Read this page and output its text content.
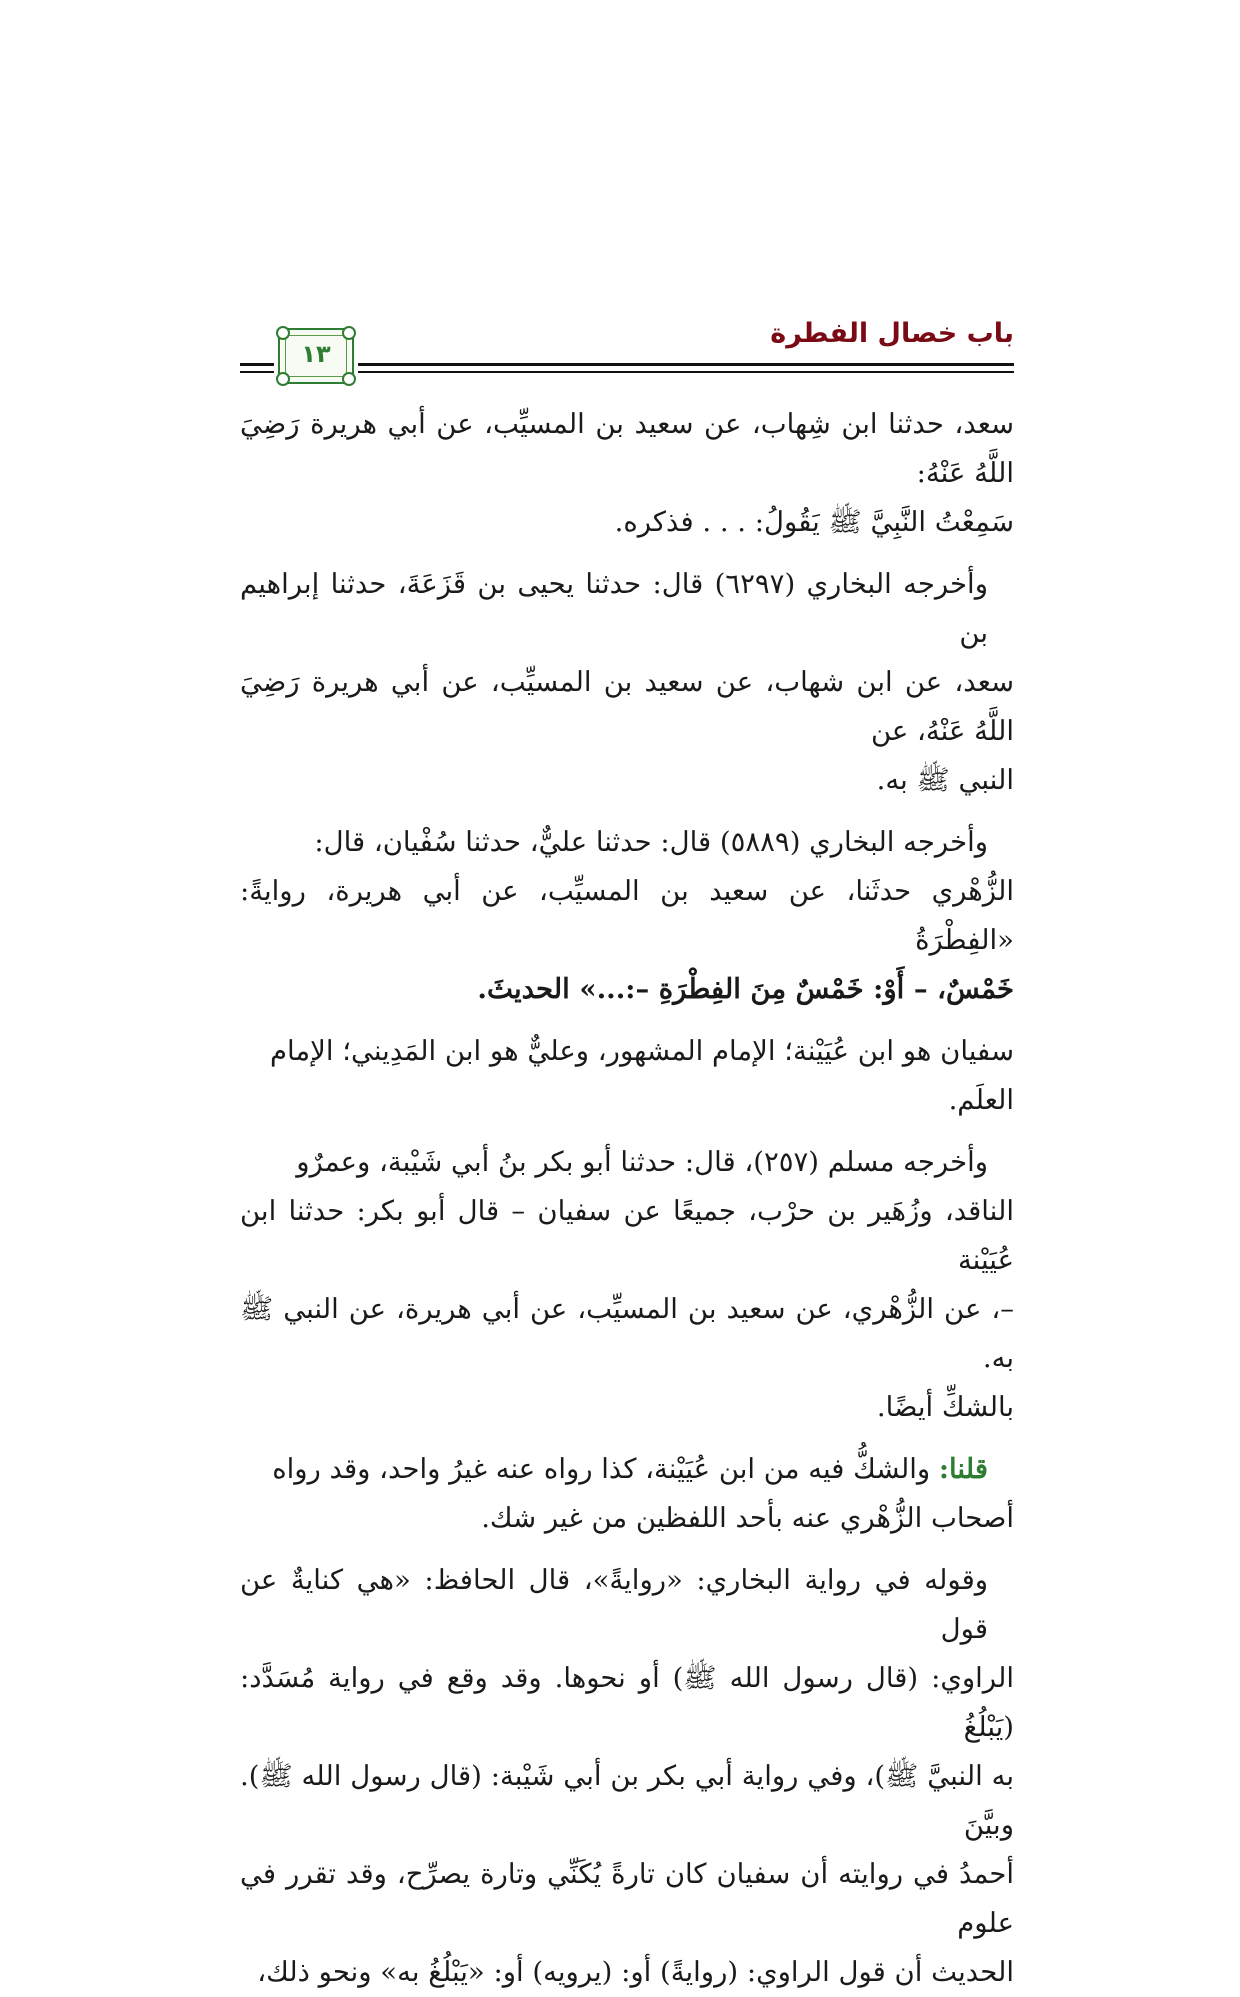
باب خصال الفطرة
١٣
سعد، حدثنا ابن شِهاب، عن سعيد بن المسيِّب، عن أبي هريرة رَضِيَ اللَّهُ عَنْهُ:
سَمِعْتُ النَّبِيَّ ﷺ يَقُولُ: . . . فذكره.
وأخرجه البخاري (٦٢٩٧) قال: حدثنا يحيى بن قَزَعَةَ، حدثنا إبراهيم بن
سعد، عن ابن شهاب، عن سعيد بن المسيِّب، عن أبي هريرة رَضِيَ اللَّهُ عَنْهُ، عن
النبي ﷺ به.
وأخرجه البخاري (٥٨٨٩) قال: حدثنا عليٌّ، حدثنا سُفْيان، قال:
الزُّهْري حدثَنا، عن سعيد بن المسيِّب، عن أبي هريرة، روايةً: «الفِطْرَةُ
خَمْسٌ، – أَوْ: خَمْسٌ مِنَ الفِطْرَةِ –:...» الحديثَ.
سفيان هو ابن عُيَيْنة؛ الإمام المشهور، وعليٌّ هو ابن المَدِيني؛ الإمام
العلَم.
وأخرجه مسلم (٢٥٧)، قال: حدثنا أبو بكر بنُ أبي شَيْبة، وعمرٌو
الناقد، وزُهَير بن حرْب، جميعًا عن سفيان – قال أبو بكر: حدثنا ابن عُيَيْنة
–، عن الزُّهْري، عن سعيد بن المسيِّب، عن أبي هريرة، عن النبي ﷺ به.
بالشكِّ أيضًا.
قلنا: والشكُّ فيه من ابن عُيَيْنة، كذا رواه عنه غيرُ واحد، وقد رواه
أصحاب الزُّهْري عنه بأحد اللفظين من غير شك.
وقوله في رواية البخاري: «روايةً»، قال الحافظ: «هي كنايةٌ عن قول
الراوي: (قال رسول الله ﷺ) أو نحوها. وقد وقع في رواية مُسَدَّد: (يَبْلُغُ
به النبيَّ ﷺ)، وفي رواية أبي بكر بن أبي شَيْبة: (قال رسول الله ﷺ). وبيَّنَ
أحمدُ في روايته أن سفيان كان تارةً يُكَنِّي وتارة يصرِّح، وقد تقرر في علوم
الحديث أن قول الراوي: (روايةً) أو: (يرويه) أو: «يَبْلُغُ به» ونحو ذلك،
